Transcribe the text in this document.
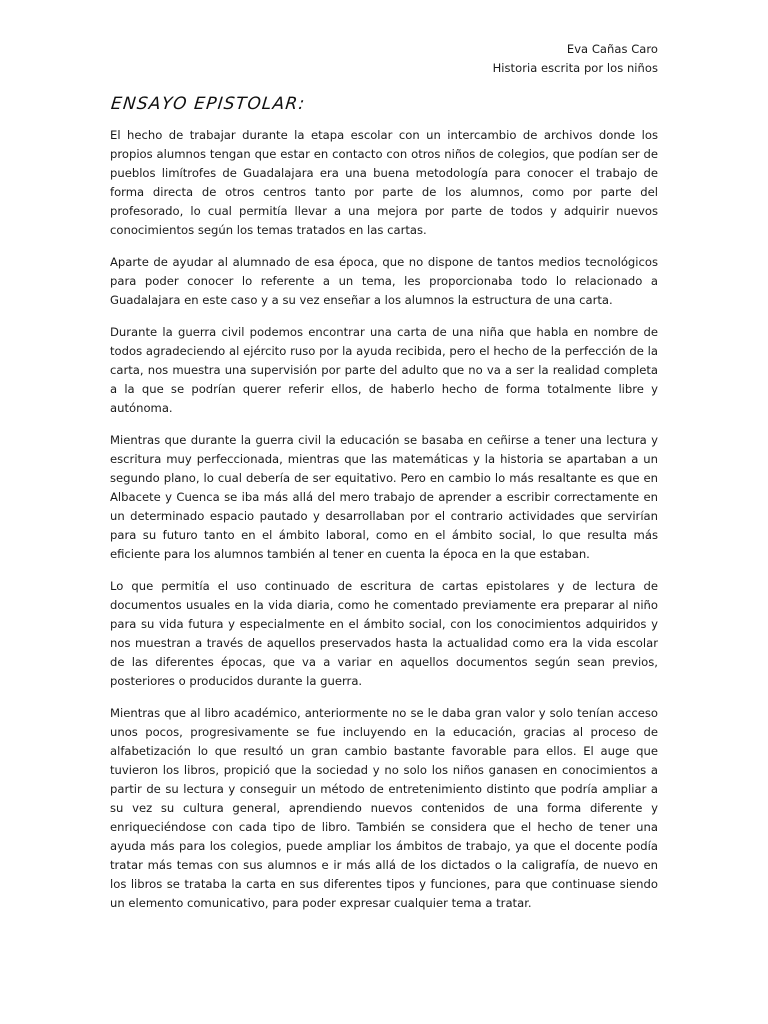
Eva Cañas Caro
Historia escrita por los niños
ENSAYO EPISTOLAR:

El hecho de trabajar durante la etapa escolar con un intercambio de archivos donde los propios alumnos tengan que estar en contacto con otros niños de colegios, que podían ser de pueblos limítrofes de Guadalajara era una buena metodología para conocer el trabajo de forma directa de otros centros tanto por parte de los alumnos, como por parte del profesorado, lo cual permitía llevar a una mejora por parte de todos y adquirir nuevos conocimientos según los temas tratados en las cartas.

Aparte de ayudar al alumnado de esa época, que no dispone de tantos medios tecnológicos para poder conocer lo referente a un tema, les proporcionaba todo lo relacionado a Guadalajara en este caso y a su vez enseñar a los alumnos la estructura de una carta.

Durante la guerra civil podemos encontrar una carta de una niña que habla en nombre de todos agradeciendo al ejército ruso por la ayuda recibida, pero el hecho de la perfección de la carta, nos muestra una supervisión por parte del adulto que no va a ser la realidad completa a la que se podrían querer referir ellos, de haberlo hecho de forma totalmente libre y autónoma.

Mientras que durante la guerra civil la educación se basaba en ceñirse a tener una lectura y escritura muy perfeccionada, mientras que las matemáticas y la historia se apartaban a un segundo plano, lo cual debería de ser equitativo. Pero en cambio lo más resaltante es que en Albacete y Cuenca se iba más allá del mero trabajo de aprender a escribir correctamente en un determinado espacio pautado y desarrollaban por el contrario actividades que servirían para su futuro tanto en el ámbito laboral, como en el ámbito social, lo que resulta más eficiente para los alumnos también al tener en cuenta la época en la que estaban.

Lo que permitía el uso continuado de escritura de cartas epistolares y de lectura de documentos usuales en la vida diaria, como he comentado previamente era preparar al niño para su vida futura y especialmente en el ámbito social, con los conocimientos adquiridos y nos muestran a través de aquellos preservados hasta la actualidad como era la vida escolar de las diferentes épocas, que va a variar en aquellos documentos según sean previos, posteriores o producidos durante la guerra.

Mientras que al libro académico, anteriormente no se le daba gran valor y solo tenían acceso unos pocos, progresivamente se fue incluyendo en la educación, gracias al proceso de alfabetización lo que resultó un gran cambio bastante favorable para ellos. El auge que tuvieron los libros, propició que la sociedad y no solo los niños ganasen en conocimientos a partir de su lectura y conseguir un método de entretenimiento distinto que podría ampliar a su vez su cultura general, aprendiendo nuevos contenidos de una forma diferente y enriqueciéndose con cada tipo de libro. También se considera que el hecho de tener una ayuda más para los colegios, puede ampliar los ámbitos de trabajo, ya que el docente podía tratar más temas con sus alumnos e ir más allá de los dictados o la caligrafía, de nuevo en los libros se trataba la carta en sus diferentes tipos y funciones, para que continuase siendo un elemento comunicativo, para poder expresar cualquier tema a tratar.
